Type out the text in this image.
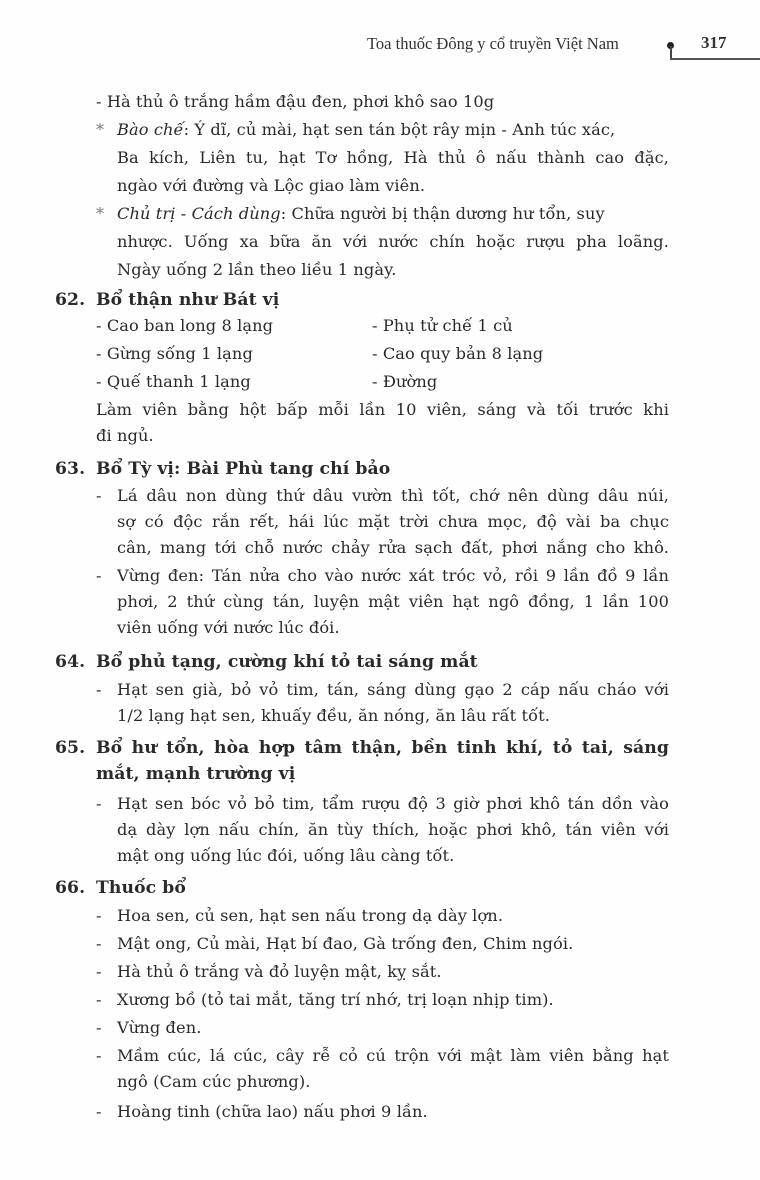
Toa thuốc Đông y cổ truyền Việt Nam	317
- Hà thủ ô trắng hầm đậu đen, phơi khô sao 10g
* Bào chế: Ý dĩ, củ mài, hạt sen tán bột rây mịn - Anh túc xác,
Ba kích, Liên tu, hạt Tơ hồng, Hà thủ ô nấu thành cao đặc,
ngào với đường và Lộc giao làm viên.
* Chủ trị - Cách dùng: Chữa người bị thận dương hư tổn, suy
nhược. Uống xa bữa ăn với nước chín hoặc rượu pha loãng.
Ngày uống 2 lần theo liều 1 ngày.
62. Bổ thận như Bát vị
- Cao ban long 8 lạng	- Phụ tử chế 1 củ
- Gừng sống 1 lạng	- Cao quy bản 8 lạng
- Quế thanh 1 lạng	- Đường
Làm viên bằng hột bấp mỗi lần 10 viên, sáng và tối trước khi
đi ngủ.
63. Bổ Tỳ vị: Bài Phù tang chí bảo
- Lá dâu non dùng thứ dâu vườn thì tốt, chớ nên dùng dâu núi,
sợ có độc rắn rết, hái lúc mặt trời chưa mọc, độ vài ba chục
cân, mang tới chỗ nước chảy rửa sạch đất, phơi nắng cho khô.
- Vừng đen: Tán nửa cho vào nước xát tróc vỏ, rồi 9 lần đồ 9 lần
phơi, 2 thứ cùng tán, luyện mật viên hạt ngô đồng, 1 lần 100
viên uống với nước lúc đói.
64. Bổ phủ tạng, cường khí tỏ tai sáng mắt
- Hạt sen già, bỏ vỏ tim, tán, sáng dùng gạo 2 cáp nấu cháo với
1/2 lạng hạt sen, khuấy đều, ăn nóng, ăn lâu rất tốt.
65. Bổ hư tổn, hòa hợp tâm thận, bền tinh khí, tỏ tai, sáng
mắt, mạnh trường vị
- Hạt sen bóc vỏ bỏ tim, tẩm rượu độ 3 giờ phơi khô tán dồn vào
dạ dày lợn nấu chín, ăn tùy thích, hoặc phơi khô, tán viên với
mật ong uống lúc đói, uống lâu càng tốt.
66. Thuốc bổ
- Hoa sen, củ sen, hạt sen nấu trong dạ dày lợn.
- Mật ong, Củ mài, Hạt bí đao, Gà trống đen, Chim ngói.
- Hà thủ ô trắng và đỏ luyện mật, kỵ sắt.
- Xương bồ (tỏ tai mắt, tăng trí nhớ, trị loạn nhịp tim).
- Vừng đen.
- Mầm cúc, lá cúc, cây rễ cỏ cú trộn với mật làm viên bằng hạt
ngô (Cam cúc phương).
- Hoàng tinh (chữa lao) nấu phơi 9 lần.
